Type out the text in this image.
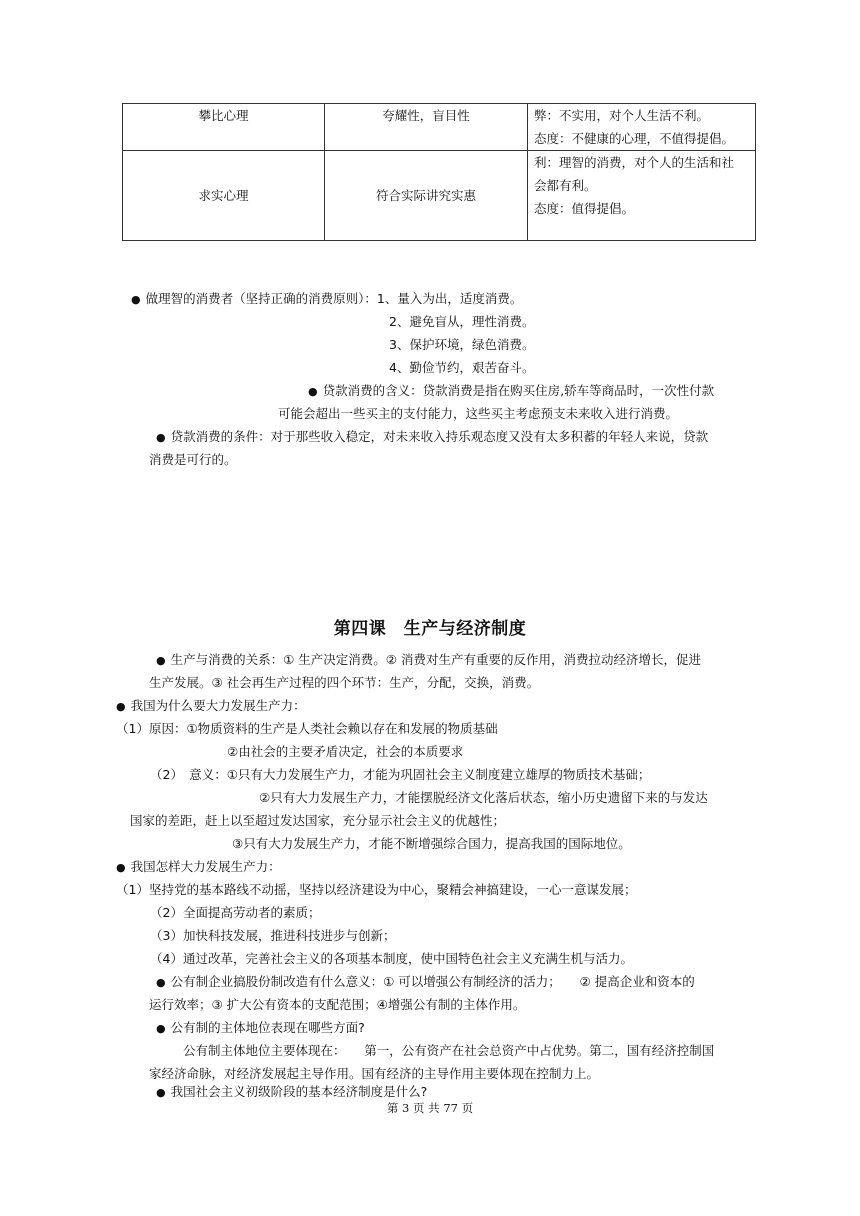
攀比心理	夸耀性，盲目性	弊：不实用，对个人生活不利。
态度：不健康的心理，不值得提倡。

求实心理	符合实际讲究实惠	利：理智的消费，对个人的生活和社
会都有利。
态度：值得提倡。
● 做理智的消费者（坚持正确的消费原则）：1、量入为出，适度消费。
2、避免盲从，理性消费。
3、保护环境，绿色消费。
4、勤俭节约，艰苦奋斗。
● 贷款消费的含义：贷款消费是指在购买住房,轿车等商品时，一次性付款
可能会超出一些买主的支付能力，这些买主考虑预支未来收入进行消费。
● 贷款消费的条件：对于那些收入稳定，对未来收入持乐观态度又没有太多积蓄的年轻人来说，贷款
消费是可行的。
第四课　生产与经济制度
● 生产与消费的关系：① 生产决定消费。② 消费对生产有重要的反作用，消费拉动经济增长，促进
生产发展。③ 社会再生产过程的四个环节：生产，分配，交换，消费。
● 我国为什么要大力发展生产力：
（1）原因：①物质资料的生产是人类社会赖以存在和发展的物质基础
②由社会的主要矛盾决定，社会的本质要求
（2）　意义：①只有大力发展生产力，才能为巩固社会主义制度建立雄厚的物质技术基础；
②只有大力发展生产力，才能摆脱经济文化落后状态，缩小历史遗留下来的与发达
国家的差距，赶上以至超过发达国家，充分显示社会主义的优越性；
③只有大力发展生产力，才能不断增强综合国力，提高我国的国际地位。
● 我国怎样大力发展生产力：
（1）坚持党的基本路线不动摇，坚持以经济建设为中心，聚精会神搞建设，一心一意谋发展；
（2）全面提高劳动者的素质；
（3）加快科技发展，推进科技进步与创新；
（4）通过改革，完善社会主义的各项基本制度，使中国特色社会主义充满生机与活力。
● 公有制企业搞股份制改造有什么意义：① 可以增强公有制经济的活力；　　② 提高企业和资本的
运行效率；③ 扩大公有资本的支配范围；④增强公有制的主体作用。
● 公有制的主体地位表现在哪些方面?
公有制主体地位主要体现在：　　第一，公有资产在社会总资产中占优势。第二，国有经济控制国
家经济命脉，对经济发展起主导作用。国有经济的主导作用主要体现在控制力上。
● 我国社会主义初级阶段的基本经济制度是什么?
第 3 页 共 77 页
